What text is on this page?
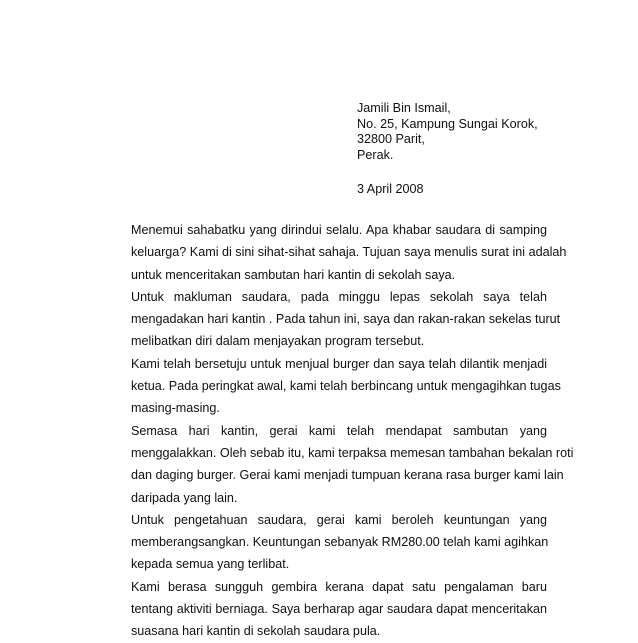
Jamili Bin Ismail,
No. 25, Kampung Sungai Korok,
32800 Parit,
Perak.
3 April 2008

Menemui sahabatku yang dirindui selalu. Apa khabar saudara di samping
keluarga? Kami di sini sihat-sihat sahaja. Tujuan saya menulis surat ini adalah
untuk menceritakan sambutan hari kantin di sekolah saya.

Untuk makluman saudara, pada minggu lepas sekolah saya telah
mengadakan hari kantin . Pada tahun ini, saya dan rakan-rakan sekelas turut
melibatkan diri dalam menjayakan program tersebut.

Kami telah bersetuju untuk menjual burger dan saya telah dilantik menjadi
ketua. Pada peringkat awal, kami telah berbincang untuk mengagihkan tugas
masing-masing.

Semasa hari kantin, gerai kami telah mendapat sambutan yang
menggalakkan. Oleh sebab itu, kami terpaksa memesan tambahan bekalan roti
dan daging burger. Gerai kami menjadi tumpuan kerana rasa burger kami lain
daripada yang lain.

Untuk pengetahuan saudara, gerai kami beroleh keuntungan yang
memberangsangkan. Keuntungan sebanyak RM280.00 telah kami agihkan
kepada semua yang terlibat.

Kami berasa sungguh gembira kerana dapat satu pengalaman baru
tentang aktiviti berniaga. Saya berharap agar saudara dapat menceritakan
suasana hari kantin di sekolah saudara pula.
